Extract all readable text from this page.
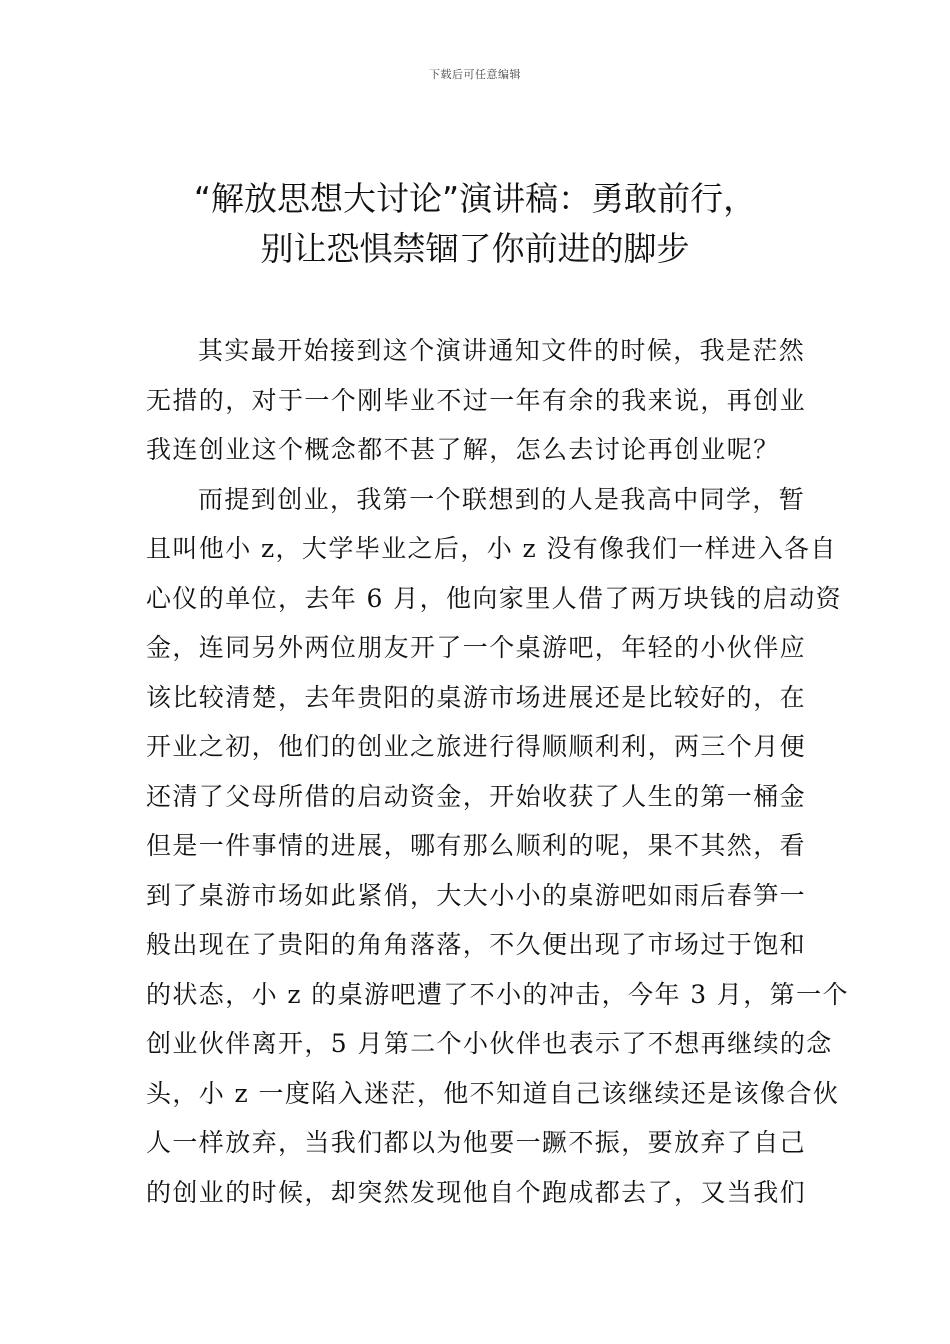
下载后可任意编辑
“解放思想大讨论”演讲稿：勇敢前行，
别让恐惧禁锢了你前进的脚步
其实最开始接到这个演讲通知文件的时候，我是茫然
无措的，对于一个刚毕业不过一年有余的我来说，再创业
我连创业这个概念都不甚了解，怎么去讨论再创业呢？
而提到创业，我第一个联想到的人是我高中同学，暂
且叫他小 z，大学毕业之后，小 z 没有像我们一样进入各自
心仪的单位，去年 6 月，他向家里人借了两万块钱的启动资
金，连同另外两位朋友开了一个桌游吧，年轻的小伙伴应
该比较清楚，去年贵阳的桌游市场进展还是比较好的，在
开业之初，他们的创业之旅进行得顺顺利利，两三个月便
还清了父母所借的启动资金，开始收获了人生的第一桶金
但是一件事情的进展，哪有那么顺利的呢，果不其然，看
到了桌游市场如此紧俏，大大小小的桌游吧如雨后春笋一
般出现在了贵阳的角角落落，不久便出现了市场过于饱和
的状态，小 z 的桌游吧遭了不小的冲击，今年 3 月，第一个
创业伙伴离开，5 月第二个小伙伴也表示了不想再继续的念
头，小 z 一度陷入迷茫，他不知道自己该继续还是该像合伙
人一样放弃，当我们都以为他要一蹶不振，要放弃了自己
的创业的时候，却突然发现他自个跑成都去了，又当我们
